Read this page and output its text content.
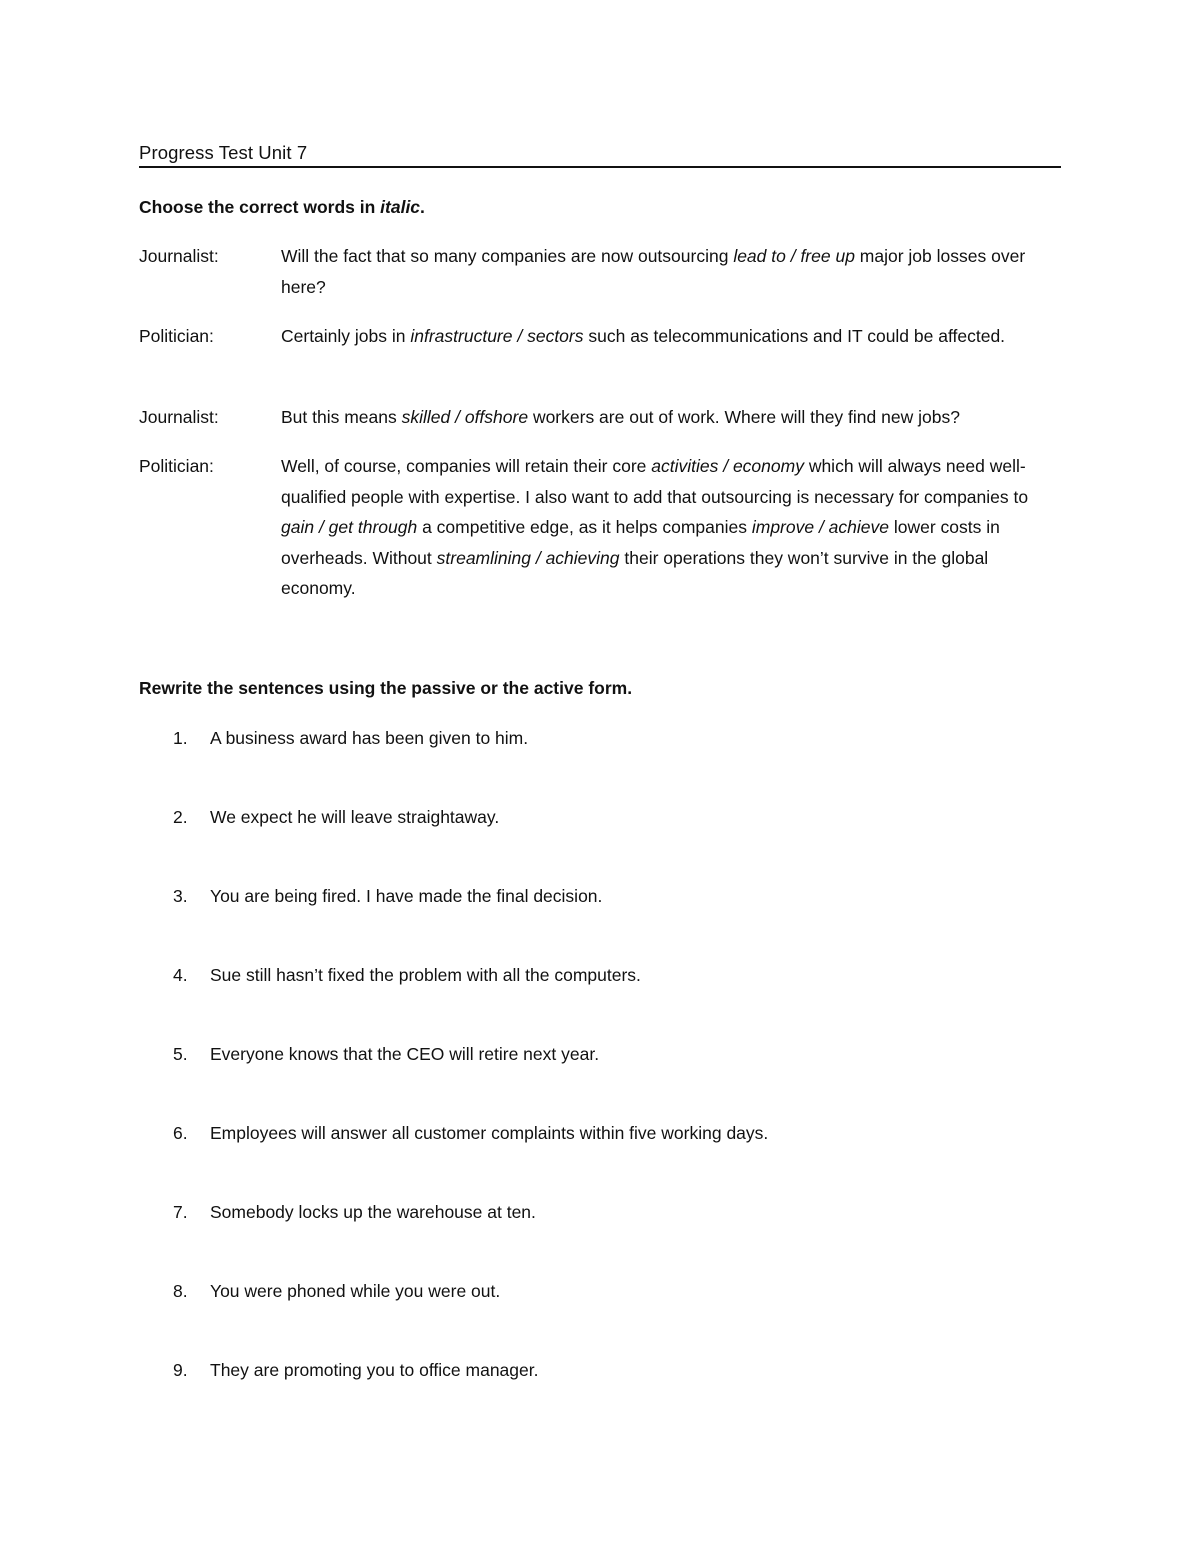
Progress Test Unit 7
Choose the correct words in italic.
Journalist:	Will the fact that so many companies are now outsourcing lead to / free up major job losses over here?
Politician:	Certainly jobs in infrastructure / sectors such as telecommunications and IT could be affected.
Journalist:	But this means skilled / offshore workers are out of work. Where will they find new jobs?
Politician:	Well, of course, companies will retain their core activities / economy which will always need well-qualified people with expertise. I also want to add that outsourcing is necessary for companies to gain / get through a competitive edge, as it helps companies improve / achieve lower costs in overheads. Without streamlining / achieving their operations they won’t survive in the global economy.
Rewrite the sentences using the passive or the active form.
1. A business award has been given to him.
2. We expect he will leave straightaway.
3. You are being fired. I have made the final decision.
4. Sue still hasn’t fixed the problem with all the computers.
5. Everyone knows that the CEO will retire next year.
6. Employees will answer all customer complaints within five working days.
7. Somebody locks up the warehouse at ten.
8. You were phoned while you were out.
9. They are promoting you to office manager.
